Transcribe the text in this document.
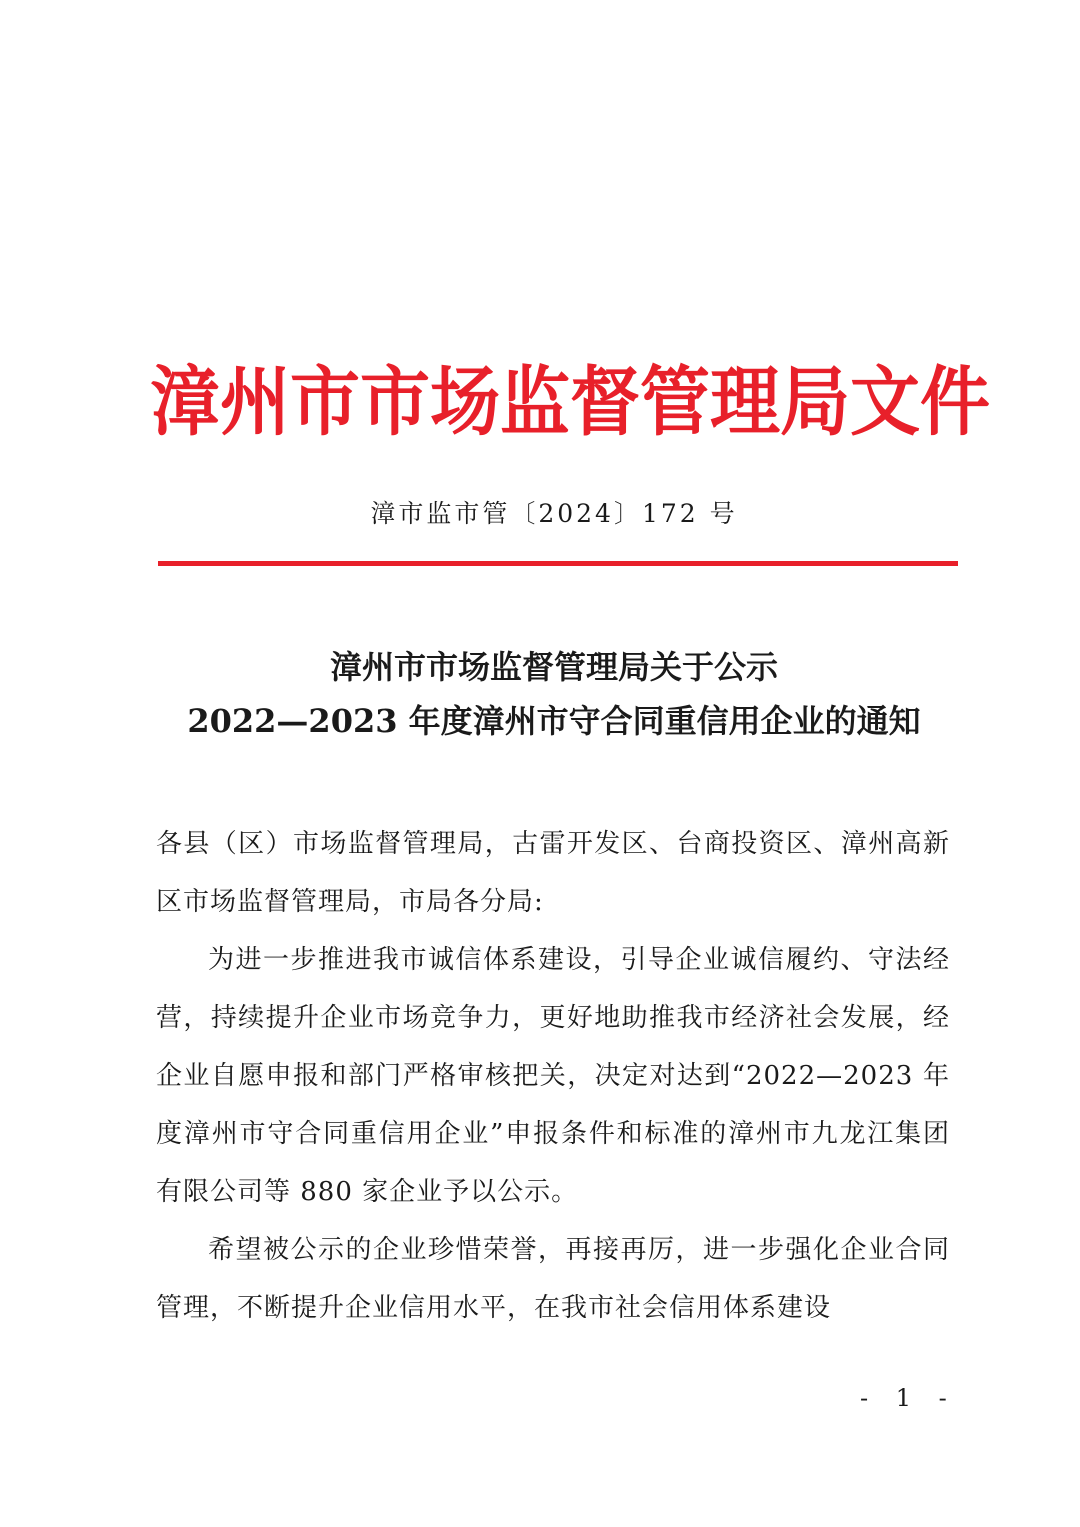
漳州市市场监督管理局文件
漳市监市管〔2024〕172 号
漳州市市场监督管理局关于公示
2022—2023 年度漳州市守合同重信用企业的通知

各县（区）市场监督管理局，古雷开发区、台商投资区、漳州高新区市场监督管理局，市局各分局:

为进一步推进我市诚信体系建设，引导企业诚信履约、守法经营，持续提升企业市场竞争力，更好地助推我市经济社会发展，经企业自愿申报和部门严格审核把关，决定对达到“2022—2023 年度漳州市守合同重信用企业”申报条件和标准的漳州市九龙江集团有限公司等 880 家企业予以公示。

希望被公示的企业珍惜荣誉，再接再厉，进一步强化企业合同管理，不断提升企业信用水平，在我市社会信用体系建设

- 1 -
